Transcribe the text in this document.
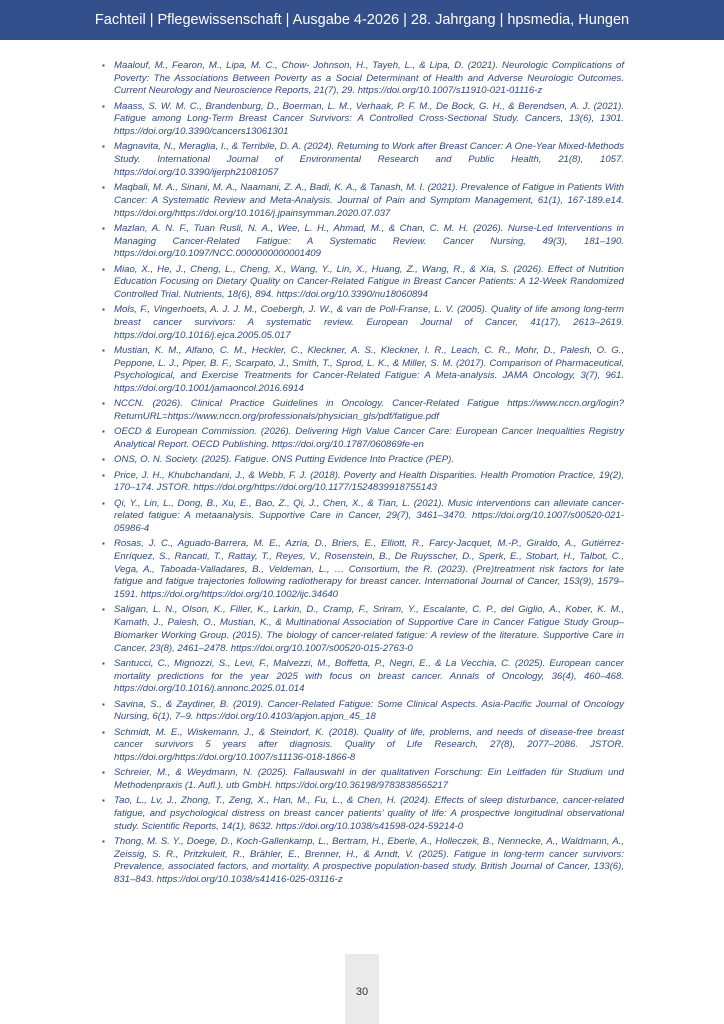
Fachteil | Pflegewissenschaft | Ausgabe 4-2026 | 28. Jahrgang | hpsmedia, Hungen
▪ Maalouf, M., Fearon, M., Lipa, M. C., Chow- Johnson, H., Tayeh, L., & Lipa, D. (2021). Neurologic Complications of Poverty: The Associations Between Poverty as a Social Determinant of Health and Adverse Neurologic Outcomes. Current Neurology and Neuroscience Reports, 21(7), 29. https://doi.org/10.1007/s11910-021-01116-z
▪ Maass, S. W. M. C., Brandenburg, D., Boerman, L. M., Verhaak, P. F. M., De Bock, G. H., & Berendsen, A. J. (2021). Fatigue among Long-Term Breast Cancer Survivors: A Controlled Cross-Sectional Study. Cancers, 13(6), 1301. https://doi.org/10.3390/cancers13061301
▪ Magnavita, N., Meraglia, I., & Terribile, D. A. (2024). Returning to Work after Breast Cancer: A One-Year Mixed-Methods Study. International Journal of Environmental Research and Public Health, 21(8), 1057. https://doi.org/10.3390/ijerph21081057
▪ Maqbali, M. A., Sinani, M. A., Naamani, Z. A., Badi, K. A., & Tanash, M. I. (2021). Prevalence of Fatigue in Patients With Cancer: A Systematic Review and Meta-Analysis. Journal of Pain and Symptom Management, 61(1), 167-189.e14. https://doi.org/https://doi.org/10.1016/j.jpainsymman.2020.07.037
▪ Mazlan, A. N. F., Tuan Rusli, N. A., Wee, L. H., Ahmad, M., & Chan, C. M. H. (2026). Nurse-Led Interventions in Managing Cancer-Related Fatigue: A Systematic Review. Cancer Nursing, 49(3), 181–190. https://doi.org/10.1097/NCC.0000000000001409
▪ Miao, X., He, J., Cheng, L., Cheng, X., Wang, Y., Lin, X., Huang, Z., Wang, R., & Xia, S. (2026). Effect of Nutrition Education Focusing on Dietary Quality on Cancer-Related Fatigue in Breast Cancer Patients: A 12-Week Randomized Controlled Trial. Nutrients, 18(6), 894. https://doi.org/10.3390/nu18060894
▪ Mols, F., Vingerhoets, A. J. J. M., Coebergh, J. W., & van de Poll-Franse, L. V. (2005). Quality of life among long-term breast cancer survivors: A systematic review. European Journal of Cancer, 41(17), 2613–2619. https://doi.org/10.1016/j.ejca.2005.05.017
▪ Mustian, K. M., Alfano, C. M., Heckler, C., Kleckner, A. S., Kleckner, I. R., Leach, C. R., Mohr, D., Palesh, O. G., Peppone, L. J., Piper, B. F., Scarpato, J., Smith, T., Sprod, L. K., & Miller, S. M. (2017). Comparison of Pharmaceutical, Psychological, and Exercise Treatments for Cancer-Related Fatigue: A Meta-analysis. JAMA Oncology, 3(7), 961. https://doi.org/10.1001/jamaoncol.2016.6914
▪ NCCN. (2026). Clinical Practice Guidelines in Oncology. Cancer-Related Fatigue https://www.nccn.org/login?ReturnURL=https://www.nccn.org/professionals/physician_gls/pdf/fatigue.pdf
▪ OECD & European Commission. (2026). Delivering High Value Cancer Care: European Cancer Inequalities Registry Analytical Report. OECD Publishing. https://doi.org/10.1787/060869fe-en
▪ ONS, O. N. Society. (2025). Fatigue. ONS Putting Evidence Into Practice (PEP).
▪ Price, J. H., Khubchandani, J., & Webb, F. J. (2018). Poverty and Health Disparities. Health Promotion Practice, 19(2), 170–174. JSTOR. https://doi.org/https://doi.org/10.1177/1524839918755143
▪ Qi, Y., Lin, L., Dong, B., Xu, E., Bao, Z., Qi, J., Chen, X., & Tian, L. (2021). Music interventions can alleviate cancer-related fatigue: A metaanalysis. Supportive Care in Cancer, 29(7), 3461–3470. https://doi.org/10.1007/s00520-021-05986-4
▪ Rosas, J. C., Aguado-Barrera, M. E., Azria, D., Briers, E., Elliott, R., Farcy-Jacquet, M.-P., Giraldo, A., Gutiérrez-Enríquez, S., Rancati, T., Rattay, T., Reyes, V., Rosenstein, B., De Ruysscher, D., Sperk, E., Stobart, H., Talbot, C., Vega, A., Taboada-Valladares, B., Veldeman, L., … Consortium, the R. (2023). (Pre)treatment risk factors for late fatigue and fatigue trajectories following radiotherapy for breast cancer. International Journal of Cancer, 153(9), 1579–1591. https://doi.org/https://doi.org/10.1002/ijc.34640
▪ Saligan, L. N., Olson, K., Filler, K., Larkin, D., Cramp, F., Sriram, Y., Escalante, C. P., del Giglio, A., Kober, K. M., Kamath, J., Palesh, O., Mustian, K., & Multinational Association of Supportive Care in Cancer Fatigue Study Group–Biomarker Working Group. (2015). The biology of cancer-related fatigue: A review of the literature. Supportive Care in Cancer, 23(8), 2461–2478. https://doi.org/10.1007/s00520-015-2763-0
▪ Santucci, C., Mignozzi, S., Levi, F., Malvezzi, M., Boffetta, P., Negri, E., & La Vecchia, C. (2025). European cancer mortality predictions for the year 2025 with focus on breast cancer. Annals of Oncology, 36(4), 460–468. https://doi.org/10.1016/j.annonc.2025.01.014
▪ Savina, S., & Zaydiner, B. (2019). Cancer-Related Fatigue: Some Clinical Aspects. Asia-Pacific Journal of Oncology Nursing, 6(1), 7–9. https://doi.org/10.4103/apjon.apjon_45_18
▪ Schmidt, M. E., Wiskemann, J., & Steindorf, K. (2018). Quality of life, problems, and needs of disease-free breast cancer survivors 5 years after diagnosis. Quality of Life Research, 27(8), 2077–2086. JSTOR. https://doi.org/https://doi.org/10.1007/s11136-018-1866-8
▪ Schreier, M., & Weydmann, N. (2025). Fallauswahl in der qualitativen Forschung: Ein Leitfaden für Studium und Methodenpraxis (1. Aufl.). utb GmbH. https://doi.org/10.36198/9783838565217
▪ Tao, L., Lv, J., Zhong, T., Zeng, X., Han, M., Fu, L., & Chen, H. (2024). Effects of sleep disturbance, cancer-related fatigue, and psychological distress on breast cancer patients’ quality of life: A prospective longitudinal observational study. Scientific Reports, 14(1), 8632. https://doi.org/10.1038/s41598-024-59214-0
▪ Thong, M. S. Y., Doege, D., Koch-Gallenkamp, L., Bertram, H., Eberle, A., Holleczek, B., Nennecke, A., Waldmann, A., Zeissig, S. R., Pritzkuleit, R., Brähler, E., Brenner, H., & Arndt, V. (2025). Fatigue in long-term cancer survivors: Prevalence, associated factors, and mortality. A prospective population-based study. British Journal of Cancer, 133(6), 831–843. https://doi.org/10.1038/s41416-025-03116-z
30
